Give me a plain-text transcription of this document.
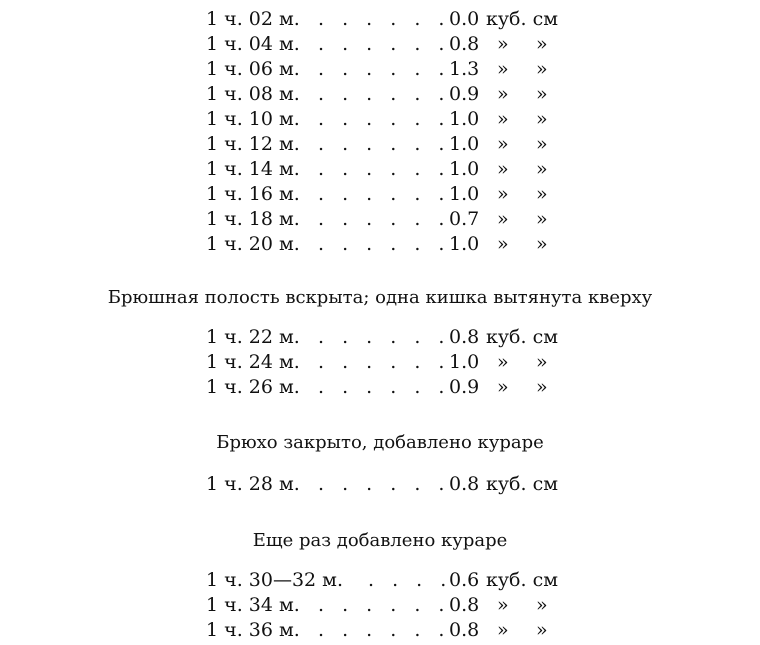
1 ч. 02 м. . . . . . .
0.0 куб. см
1 ч. 04 м. . . . . . .
0.8 » »
1 ч. 06 м. . . . . . .
1.3 » »
1 ч. 08 м. . . . . . .
0.9 » »
1 ч. 10 м. . . . . . .
1.0 » »
1 ч. 12 м. . . . . . .
1.0 » »
1 ч. 14 м. . . . . . .
1.0 » »
1 ч. 16 м. . . . . . .
1.0 » »
1 ч. 18 м. . . . . . .
0.7 » »
1 ч. 20 м. . . . . . .
1.0 » »
Брюшная полость вскрыта; одна кишка вытянута кверху
1 ч. 22 м. . . . . . .
0.8 куб. см
1 ч. 24 м. . . . . . .
1.0 » »
1 ч. 26 м. . . . . . .
0.9 » »
Брюхо закрыто, добавлено кураре
1 ч. 28 м. . . . . . .
0.8 куб. см
Еще раз добавлено кураре
1 ч. 30—32 м. . . . .
0.6 куб. см
1 ч. 34 м. . . . . . .
0.8 » »
1 ч. 36 м. . . . . . .
0.8 » »
